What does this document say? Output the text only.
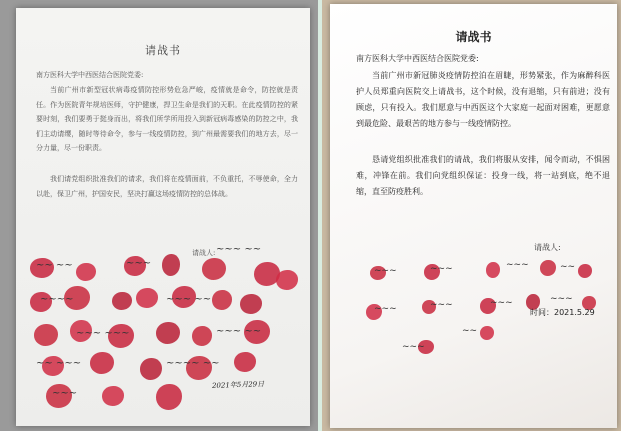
请战书
南方医科大学中西医结合医院党委:
当前广州市新型冠状病毒疫情防控形势危急严峻，疫情就是命令，防控就是责任。作为医院青年规培医师，守护健康，捍卫生命是我们的天职。在此疫情防控的紧要时刻，我们要勇于挺身而出，将我们所学所用投入到新冠病毒感染的防控之中，我们主动请缨，随时等待命令，参与一线疫情防控，到广州最需要我们的地方去，尽一分力量，尽一份职责。
我们请党组织批准我们的请求，我们将在疫情面前，不负重托，不辱使命，全力以赴，保卫广州，护国安民，坚决打赢这场疫情防控的总体战。
请战人:
~~ ~~	~~~
~~~ ~~
~~~~	~~~ ~~
~~~ ~~~	~~~ ~~
~~ ~~~	~~~~ ~~
~~~
2021年5月29日
请战书
南方医科大学中西医结合医院党委:
当前广州市新冠肺炎疫情防控泊在眉睫，形势紧张，作为麻醉科医护人员郑重向医院交上请战书，这个时候，没有退缩，只有前进；没有顾虑，只有投入。我们愿意与中西医这个大家庭一起面对困难，更愿意到最危险、最艰苦的地方参与一线疫情防控。
恳请党组织批准我们的请战，我们将服从安排，闻令而动，不惧困难，冲锋在前。我们向党组织保证：投身一线，将一站到底，绝不退缩，直至防疫胜利。
请战人:
~~~	~~~	~~~	~~
~~~	~~~	~~~	~~~
~~~
~~
时间：2021.5.29
